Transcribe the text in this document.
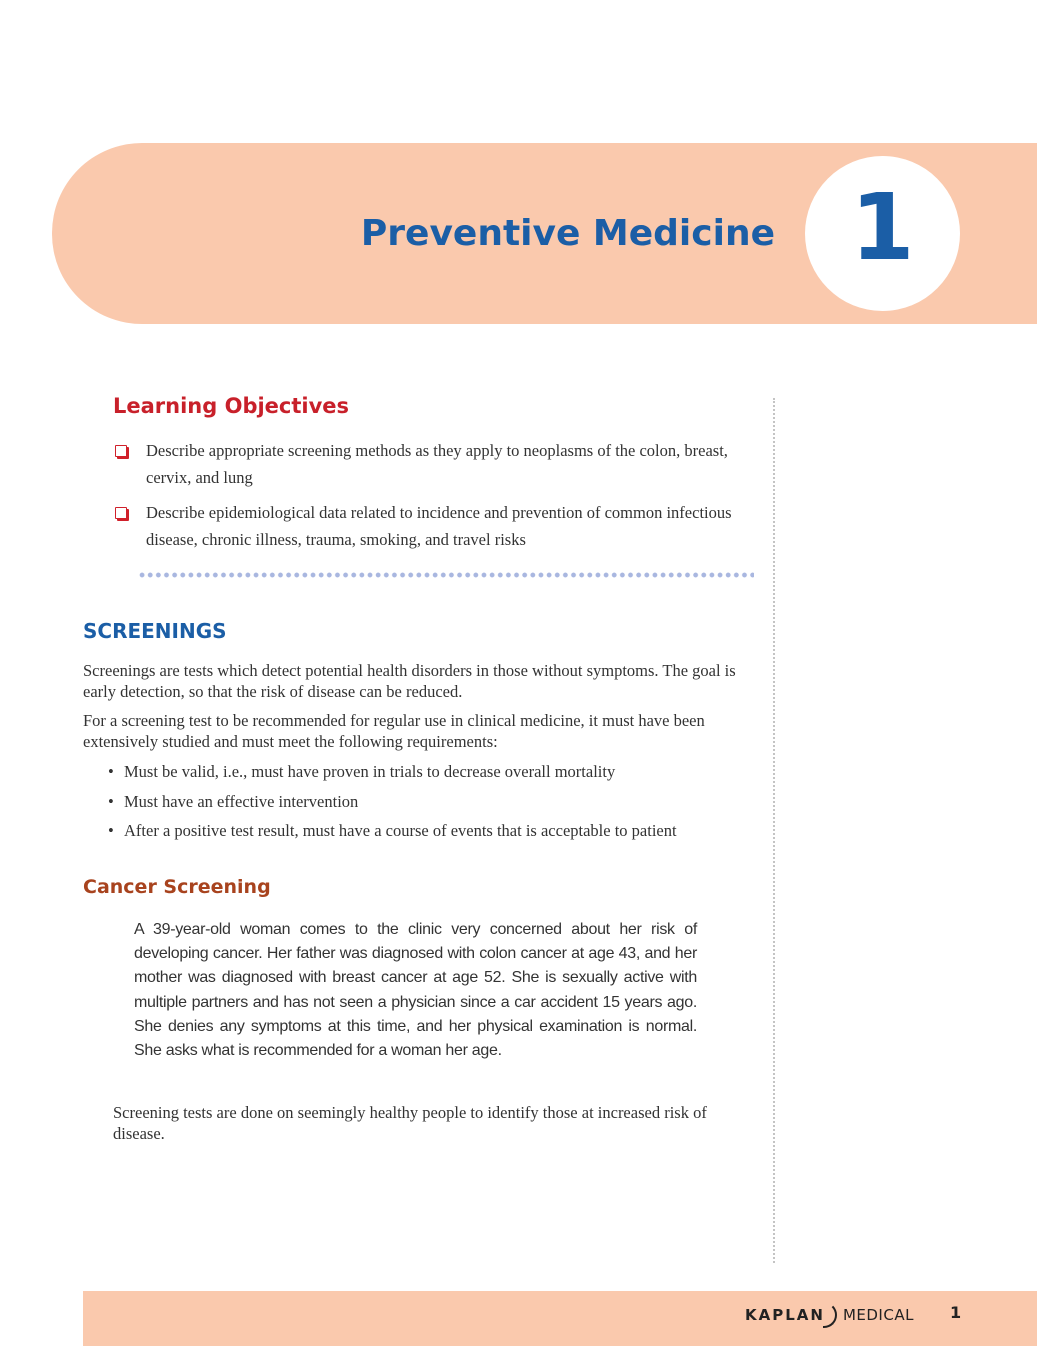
Preventive Medicine 1
Learning Objectives
Describe appropriate screening methods as they apply to neoplasms of the colon, breast, cervix, and lung
Describe epidemiological data related to incidence and prevention of common infectious disease, chronic illness, trauma, smoking, and travel risks
SCREENINGS
Screenings are tests which detect potential health disorders in those without symptoms. The goal is early detection, so that the risk of disease can be reduced.
For a screening test to be recommended for regular use in clinical medicine, it must have been extensively studied and must meet the following requirements:
• Must be valid, i.e., must have proven in trials to decrease overall mortality
• Must have an effective intervention
• After a positive test result, must have a course of events that is acceptable to patient
Cancer Screening
A 39-year-old woman comes to the clinic very concerned about her risk of developing cancer. Her father was diagnosed with colon cancer at age 43, and her mother was diagnosed with breast cancer at age 52. She is sexually active with multiple partners and has not seen a physician since a car accident 15 years ago. She denies any symptoms at this time, and her physical examination is normal. She asks what is recommended for a woman her age.
Screening tests are done on seemingly healthy people to identify those at increased risk of disease.
KAPLAN MEDICAL 1
